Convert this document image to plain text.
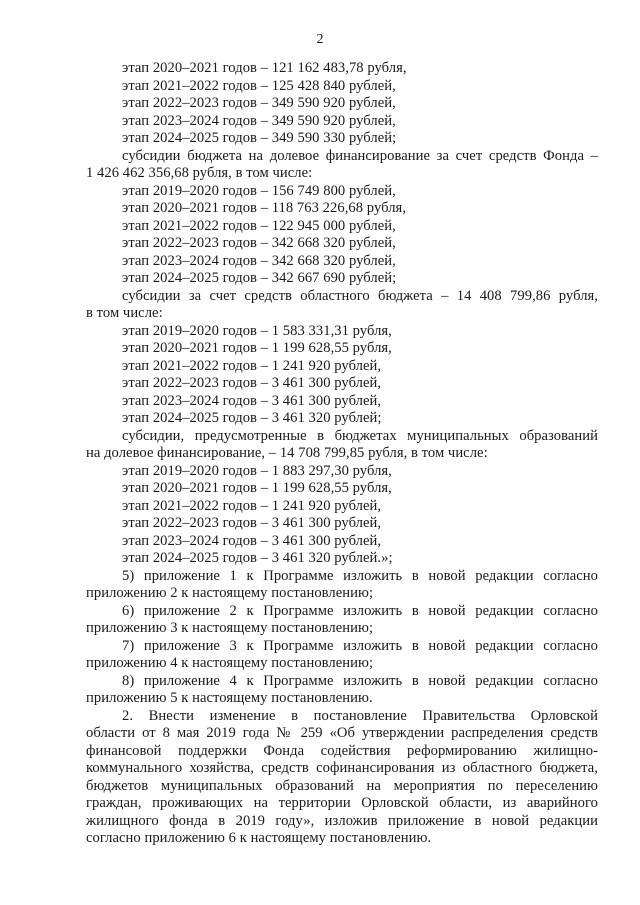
2
этап 2020–2021 годов – 121 162 483,78 рубля,
этап 2021–2022 годов – 125 428 840 рублей,
этап 2022–2023 годов – 349 590 920 рублей,
этап 2023–2024 годов – 349 590 920 рублей,
этап 2024–2025 годов – 349 590 330 рублей;
субсидии бюджета на долевое финансирование за счет средств Фонда –
1 426 462 356,68 рубля, в том числе:
этап 2019–2020 годов – 156 749 800 рублей,
этап 2020–2021 годов – 118 763 226,68 рубля,
этап 2021–2022 годов – 122 945 000 рублей,
этап 2022–2023 годов – 342 668 320 рублей,
этап 2023–2024 годов – 342 668 320 рублей,
этап 2024–2025 годов – 342 667 690 рублей;
субсидии за счет средств областного бюджета – 14 408 799,86 рубля,
в том числе:
этап 2019–2020 годов – 1 583 331,31 рубля,
этап 2020–2021 годов – 1 199 628,55 рубля,
этап 2021–2022 годов – 1 241 920 рублей,
этап 2022–2023 годов – 3 461 300 рублей,
этап 2023–2024 годов – 3 461 300 рублей,
этап 2024–2025 годов – 3 461 320 рублей;
субсидии, предусмотренные в бюджетах муниципальных образований
на долевое финансирование, – 14 708 799,85 рубля, в том числе:
этап 2019–2020 годов – 1 883 297,30 рубля,
этап 2020–2021 годов – 1 199 628,55 рубля,
этап 2021–2022 годов – 1 241 920 рублей,
этап 2022–2023 годов – 3 461 300 рублей,
этап 2023–2024 годов – 3 461 300 рублей,
этап 2024–2025 годов – 3 461 320 рублей.»;
5) приложение 1 к Программе изложить в новой редакции согласно
приложению 2 к настоящему постановлению;
6) приложение 2 к Программе изложить в новой редакции согласно
приложению 3 к настоящему постановлению;
7) приложение 3 к Программе изложить в новой редакции согласно
приложению 4 к настоящему постановлению;
8) приложение 4 к Программе изложить в новой редакции согласно
приложению 5 к настоящему постановлению.
2. Внести изменение в постановление Правительства Орловской
области от 8 мая 2019 года № 259 «Об утверждении распределения средств
финансовой поддержки Фонда содействия реформированию жилищно-
коммунального хозяйства, средств софинансирования из областного бюджета,
бюджетов муниципальных образований на мероприятия по переселению
граждан, проживающих на территории Орловской области, из аварийного
жилищного фонда в 2019 году», изложив приложение в новой редакции
согласно приложению 6 к настоящему постановлению.
